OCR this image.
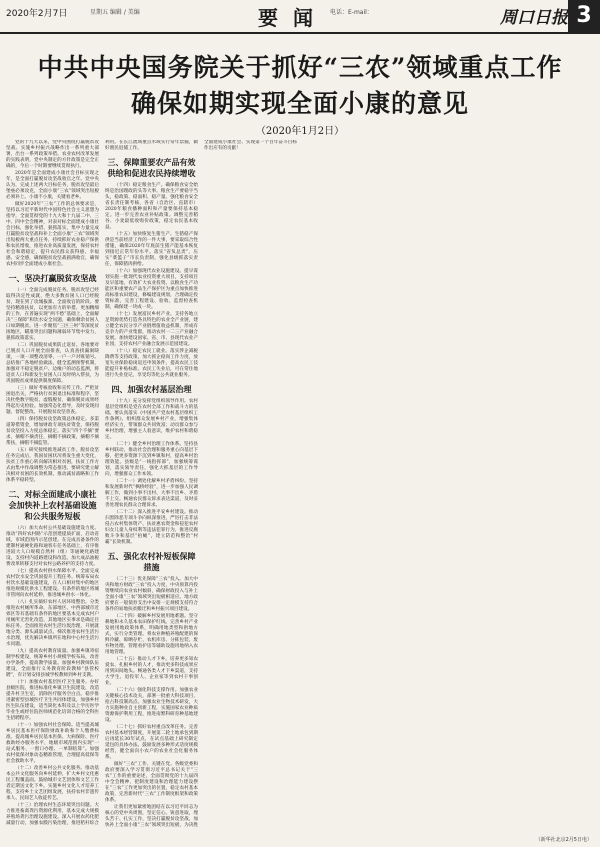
2020年2月7日	星期五 编辑 / 美编	要 闻 电话：E-mail：	周口日报 3
中共中央国务院关于抓好“三农”领域重点工作
确保如期实现全面小康的意见
（2020年1月2日）

党的十九大以来，党中央围绕打赢脱贫攻坚战、实施乡村振兴战略作出一系列重大部署，出台一系列政策举措。农业农村改革发展的实践表明，党中央制定的方针政策是完全正确的，今后一个时期要继续贯彻执行。

2020年是全面建成小康社会目标实现之年，是全面打赢脱贫攻坚战收官之年。党中央认为，完成上述两大目标任务，脱贫攻坚最后堡垒必须攻克，全面小康“三农”领域突出短板必须补上。小康不小康，关键看老乡。

做好2020年“三农”工作的总体要求是，坚持以习近平新时代中国特色社会主义思想为指导，全面贯彻党的十九大和十九届二中、三中、四中全会精神，对表对标全面建成小康社会目标，强化举措、狠抓落实，集中力量完成打赢脱贫攻坚战和补上全面小康“三农”领域突出短板两大重点任务，持续抓好农业稳产保供和农民增收，推进农业高质量发展，保持农村社会和谐稳定，提升农民群众获得感、幸福感、安全感，确保脱贫攻坚战圆满收官，确保农村同步全面建成小康社会。

一、坚决打赢脱贫攻坚战

（一）全面完成脱贫任务。脱贫攻坚已经取得决定性成就，绝大多数贫困人口已经脱贫，现在到了攻城拔寨、全面收官的阶段。要坚持精准扶贫，以更加有力的举措、更加精细的工作，在普遍实现“两不愁”基础上，全面解决“三保障”和饮水安全问题，确保剩余贫困人口如期脱贫。进一步聚焦“三区三州”等深度贫困地区，瞄准突出问题和薄弱环节集中发力，狠抓政策落实。

（二）巩固脱贫成果防止返贫。各地要对已脱贫人口开展全面排查，认真查找漏洞缺项，一项一项整改清零，一户一户对账销号。总结推广各地经验做法，健全监测预警机制，加强对不稳定脱贫户、边缘户的动态监测，将返贫人口和新发生贫困人口及时纳入帮扶，为巩固脱贫成果提供制度保障。

（三）做好考核验收和宣传工作。严把贫困退出关，严格执行贫困退出标准和程序，坚决杜绝数字脱贫、虚假脱贫，确保脱贫成果经得起历史检验。加强常态化督导，及时发现问题、督促整改。开展脱贫攻坚普查。

（四）保持脱贫攻坚政策总体稳定。多渠道筹措资金，增加财政专项扶贫资金，保持脱贫攻坚投入力度总体稳定。落实“四个不摘”要求，摘帽不摘责任，摘帽不摘政策，摘帽不摘帮扶，摘帽不摘监管。

（五）研究接续推进减贫工作。脱贫攻坚任务完成后，我国贫困状况将发生重大变化，扶贫工作重心转向解决相对贫困，扶贫工作方式由集中作战调整为常态推进。要研究建立解决相对贫困的长效机制，推动减贫战略和工作体系平稳转型。

二、对标全面建成小康社会加快补上农村基础设施和公共服务短板

（六）加大农村公共基础设施建设力度。推动“四好农村路”示范创建提质扩面，启动省域、市域范围内示范创建。在完成具备条件的建制村通硬化路和通客车任务基础上，有序推进较大人口规模自然村（组）等通硬化路建设。支持村内道路建设和改造。加大成品油税费改革转移支付对农村公路养护的支持力度。

（七）提高农村供水保障水平。全面完成农村饮水安全巩固提升工程任务。统筹布局农村饮水基础设施建设，在人口相对集中的地区推进规模化供水工程建设。有条件的地区将城市管网向农村延伸，推进城乡供水一体化。

（八）扎实搞好农村人居环境整治。分类推进农村厕所革命，东部地区、中西部城市近郊区等有基础有条件的地区要基本完成农村户用厕所无害化改造，其他地区实事求是确定目标任务。全面推进农村生活垃圾治理，开展就地分类、源头减量试点。梯次推进农村生活污水治理，优先解决乡镇所在地和中心村生活污水问题。

（九）提高农村教育质量。加强乡镇寄宿制学校建设，统筹乡村小规模学校布局，改善办学条件，提高教学质量。加强乡村教师队伍建设，全面推行义务教育阶段教师“县管校聘”，有计划安排县城学校教师到乡村支教。

（十）加强农村基层医疗卫生服务。办好县级医院，推进标准化乡镇卫生院建设，改造提升村卫生室，消除医疗服务空白点。稳步推进紧密型县城医疗卫生共同体建设。加强乡村医生队伍建设，适当简化本科及以上学历医学毕业生或经住院医师规范化培训合格的全科医生招聘程序。

（十一）加强农村社会保障。适当提高城乡居民基本医疗保险财政补助和个人缴费标准。提高城乡居民基本医保、大病保险、医疗救助经办服务水平，地级市域范围内实现“一站式服务、一窗口办理、一单制结算”。加强农村低保对象动态精准管理，合理提高低保等社会救助水平。

（十二）改善乡村公共文化服务。推动基本公共文化服务向乡村延伸，扩大乡村文化惠民工程覆盖面。鼓励城市文艺团体和文艺工作者定期送文化下乡。实施乡村文化人才培养工程，支持乡土文艺团组发展，扶持农村非遗传承人、民间艺人收徒传艺。

（十三）治理农村生态环境突出问题。大力推进畜禽粪污资源化利用，基本完成大规模养殖场粪污治理设施建设。深入开展农药化肥减量行动，加强农膜污染治理，推进秸秆综合利用。在长江流域重点水域实行常年禁捕，做好渔民退捕工作。

三、保障重要农产品有效供给和促进农民持续增收

（十四）稳定粮食生产。确保粮食安全始终是治国理政的头等大事。粮食生产要稳字当头，稳政策、稳面积、稳产量。强化粮食安全省长责任制考核，各省（自治区、直辖市）2020年粮食播种面积和产量要保持基本稳定。进一步完善农业补贴政策。调整完善稻谷、小麦最低收购价政策，稳定农民基本收益。

（十五）加快恢复生猪生产。生猪稳产保供是当前经济工作的一件大事，要采取综合性措施，确保2020年年底前生猪产能基本恢复到接近正常年份水平。落实“省负总责”，压实“菜篮子”市长负责制，强化县级抓落实责任，保障猪肉供给。

（十六）加强现代农业设施建设。提早谋划实施一批现代农业投资重大项目，支持项目及早落地，有效扩大农业投资。以粮食生产功能区和重要农产品生产保护区为重点加快推进高标准农田建设，修编建设规划，合理确定投资标准，完善工程建设、验收、监督检查机制，确保建一块成一块。

（十七）发展富民乡村产业。支持各地立足资源优势打造各具特色的农业全产业链，建立健全农民分享产业链增值收益机制，形成有竞争力的产业集群，推动农村一二三产业融合发展。加快建设国家、省、市、县现代农业产业园，支持农村产业融合发展示范园建设。

（十八）稳定农民工就业。落实涉企减税降费等支持政策，加大援企稳岗工作力度，放宽失业保险稳岗返还申领条件，提高农民工技能提升补贴标准。农民工失业后，可在常住地进行失业登记，享受均等化公共就业服务。

四、加强农村基层治理

（十九）充分发挥党组织领导作用。农村基层党组织是党在农村全部工作和战斗力的基础。要认真落实《中国共产党农村基层组织工作条例》，组织群众发展乡村产业，增强集体经济实力，带领群众共同致富；动员群众参与乡村治理，增强主人翁意识，维护农村和谐稳定。

（二十）健全乡村治理工作体系。坚持县乡村联动，推动社会治理和服务重心向基层下移，把更多资源下沉到乡镇和村，提高乡村治理效能。县级是“一线指挥部”，加强统筹谋划，落实领导责任，强化大抓基层的工作导向，增强群众工作本领。

（二十一）调处化解乡村矛盾纠纷。坚持和发展新时代“枫桥经验”，进一步加强人民调解工作，做到小事不出村、大事不出乡、矛盾不上交。畅通农民群众诉求表达渠道，及时妥善处理农民群众合理诉求。

（二十二）深入推进平安乡村建设。推动扫黑除恶专项斗争向纵深推进，严厉打击非法侵占农村集体资产、扶贫惠农资金和侵犯农村妇女儿童人身权利等违法犯罪行为，推进反腐败斗争和基层“拍蝇”，建立防范和整治“村霸”长效机制。

五、强化农村补短板保障措施

（二十三）优先保障“三农”投入。加大中央和地方财政“三农”投入力度，中央预算内投资继续向农业农村倾斜，确保财政投入与补上全面小康“三农”领域突出短板相适应。地方政府要在一般债券支出中安排一定规模支持符合条件的易地扶贫搬迁和乡村振兴项目建设。

（二十四）破解乡村发展用地难题。坚守耕地和永久基本农田保护红线。完善乡村产业发展用地政策体系，明确用地类型和供地方式，实行分类管理。将农业种植养殖配建的保鲜冷藏、晾晒存贮、农机库房、分拣包装、废弃物处理、管理看护房等辅助设施用地纳入农用地管理。

（二十五）推动人才下乡。培养更多知农爱农、扎根乡村的人才，推动更多科技成果应用到田间地头。畅通各类人才下乡渠道，支持大学生、退役军人、企业家等到农村干事创业。

（二十六）强化科技支撑作用。加强农业关键核心技术攻关，部署一批重大科技项目，抢占科技制高点。加强农业生物技术研发，大力实施种业自主创新工程，实施国家农业种质资源保护利用工程，推进南繁科研育种基地建设。

（二十七）抓好农村重点改革任务。完善农村基本经营制度，开展第二轮土地承包到期后再延长30年试点，在试点基础上研究制定延包的具体办法。鼓励发展多种形式适度规模经营，健全面向小农户的农业社会化服务体系。

做好“三农”工作，关键在党。各级党委和政府要深入学习贯彻习近平总书记关于“三农”工作的重要论述，全面贯彻党的十九届四中全会精神，把制度建设和治理能力建设摆在“三农”工作更加突出的位置，稳定农村基本政策，完善新时代“三农”工作制度框架和政策体系。

让我们更加紧密地团结在以习近平同志为核心的党中央周围，坚定信心、锐意进取，埋头苦干、扎实工作，坚决打赢脱贫攻坚战，加快补上全面小康“三农”领域突出短板，为决胜全面建成小康社会、实现第一个百年奋斗目标作出应有的贡献！

（新华社北京2月5日电）
